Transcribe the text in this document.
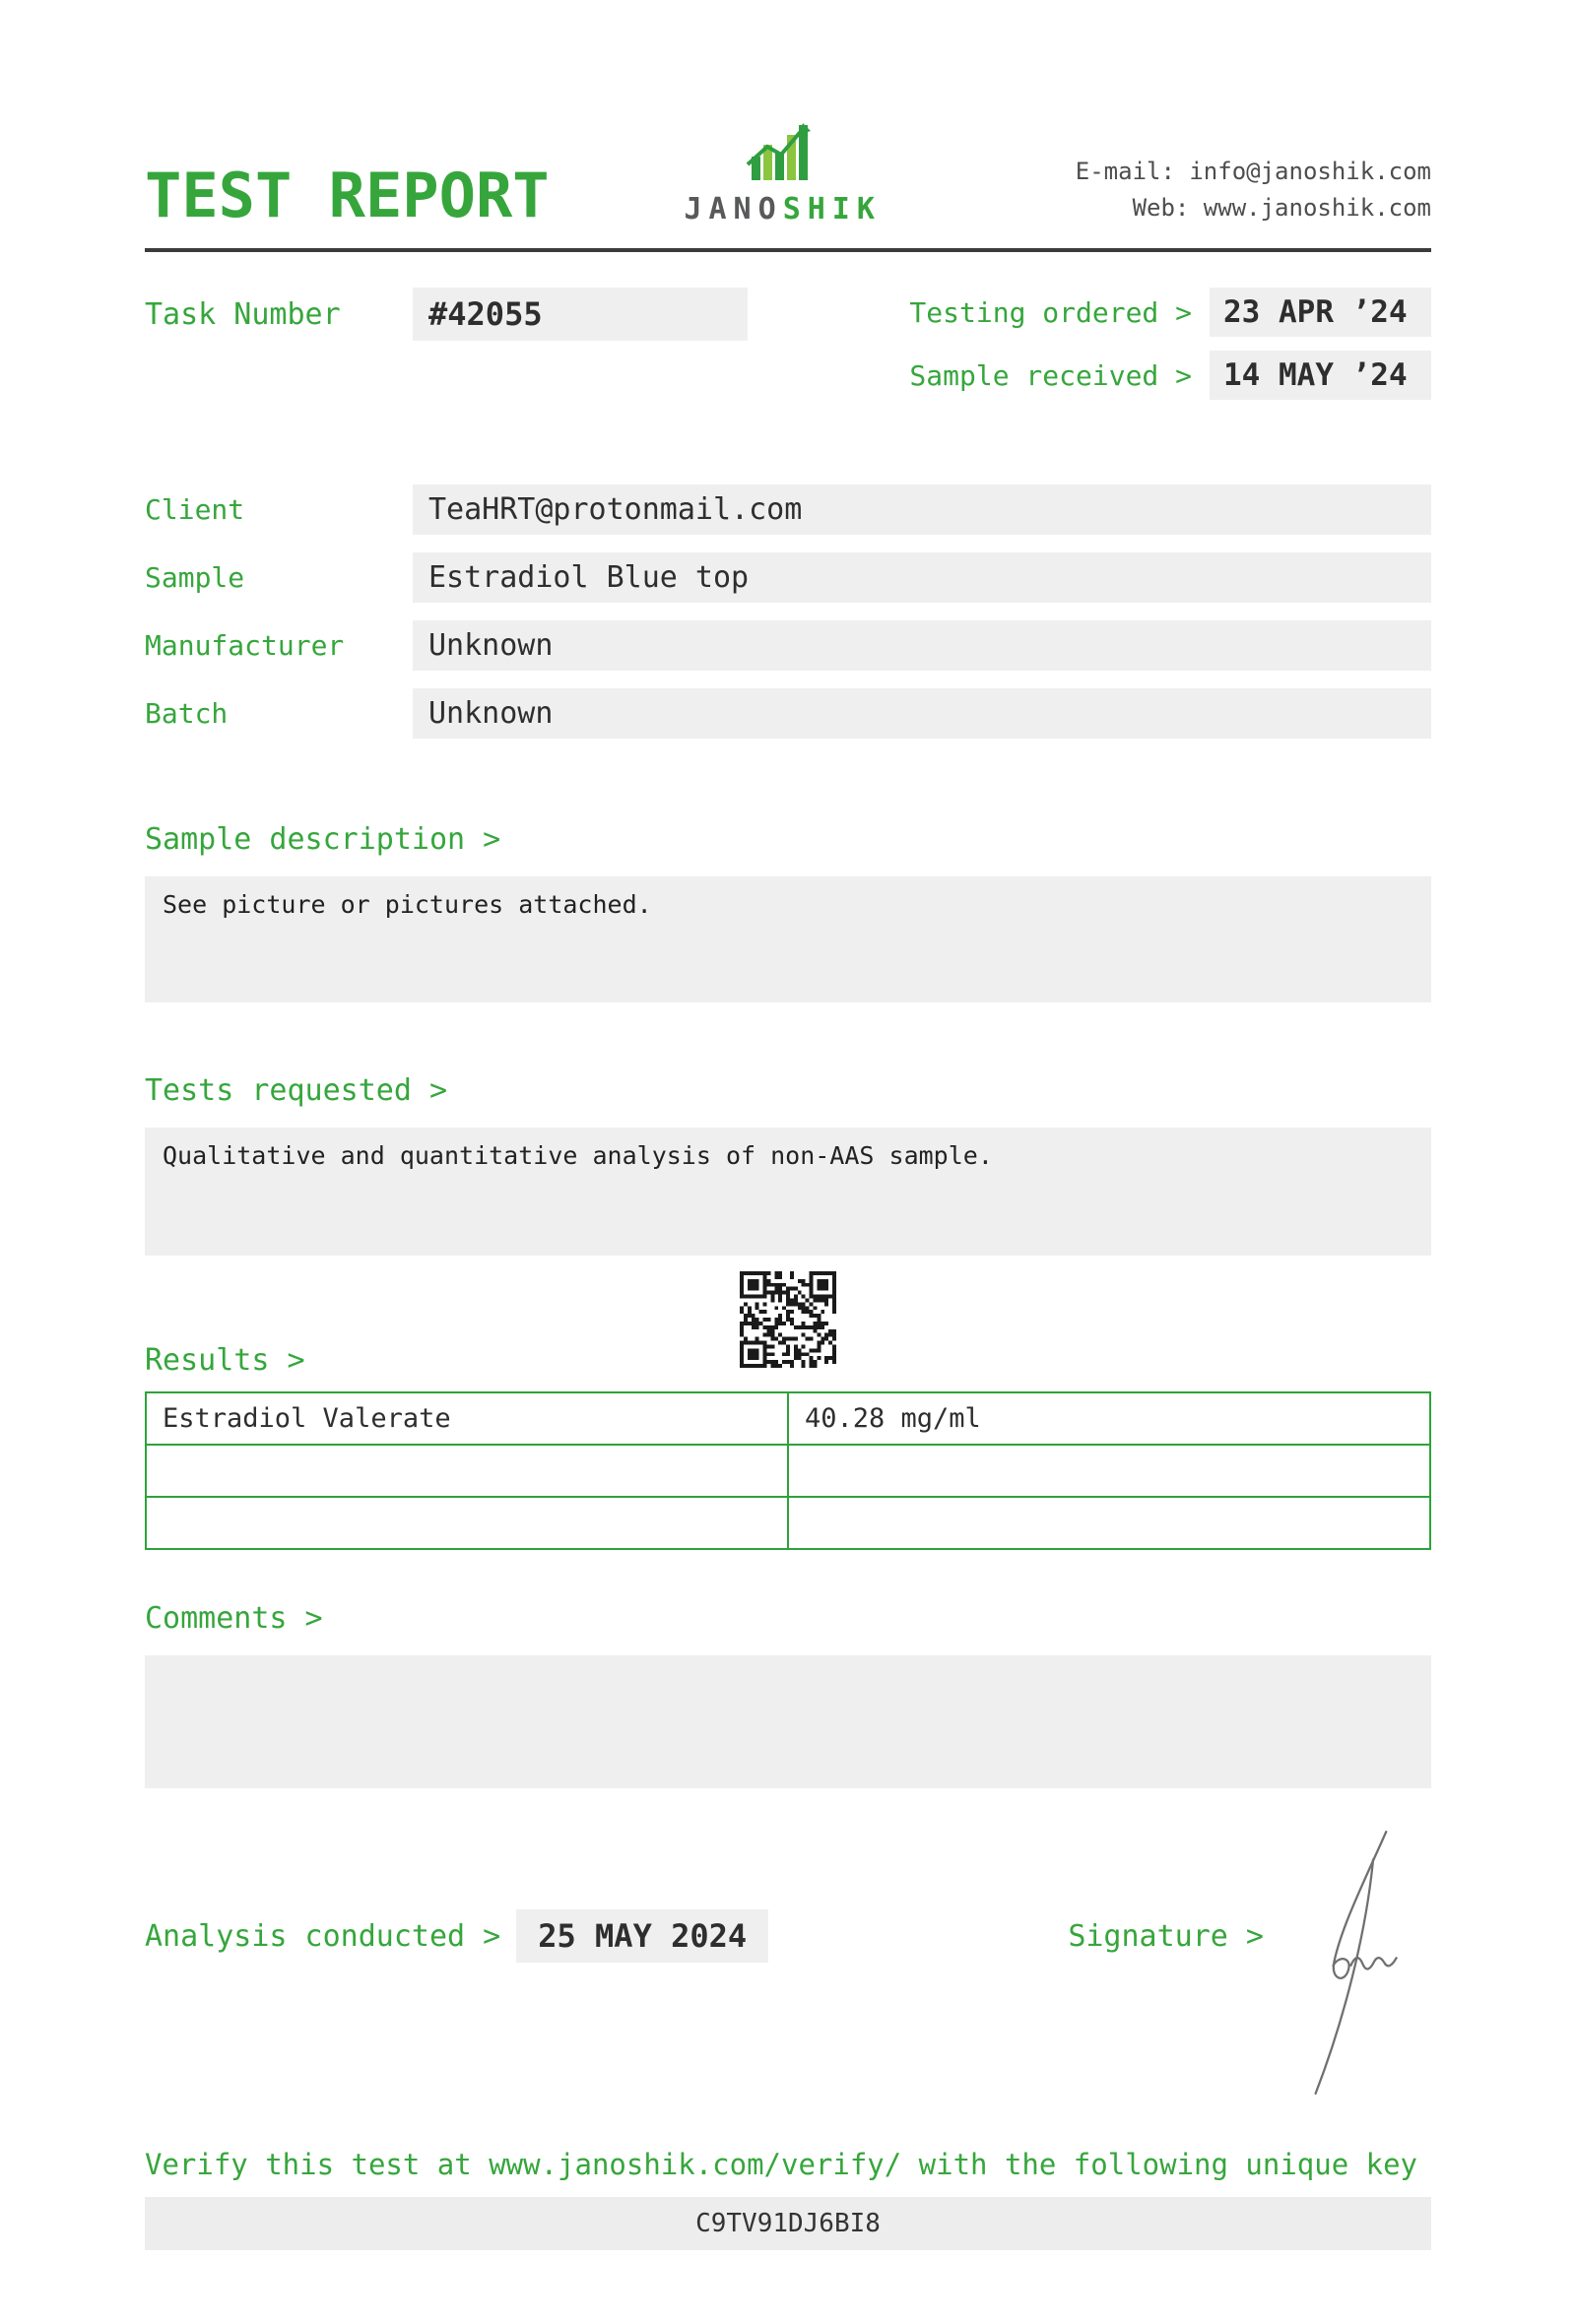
TEST REPORT	JANOSHIK
E-mail: info@janoshik.com
Web: www.janoshik.com
Task Number	#42055	Testing ordered >	23 APR ’24
Sample received >	14 MAY ’24
Client	TeaHRT@protonmail.com
Sample	Estradiol Blue top
Manufacturer	Unknown
Batch	Unknown
Sample description >
See picture or pictures attached.
Tests requested >
Qualitative and quantitative analysis of non-AAS sample.
Results >
Estradiol Valerate	40.28 mg/ml

Comments >
Analysis conducted >	25 MAY 2024	Signature >
Verify this test at www.janoshik.com/verify/ with the following unique key
C9TV91DJ6BI8
